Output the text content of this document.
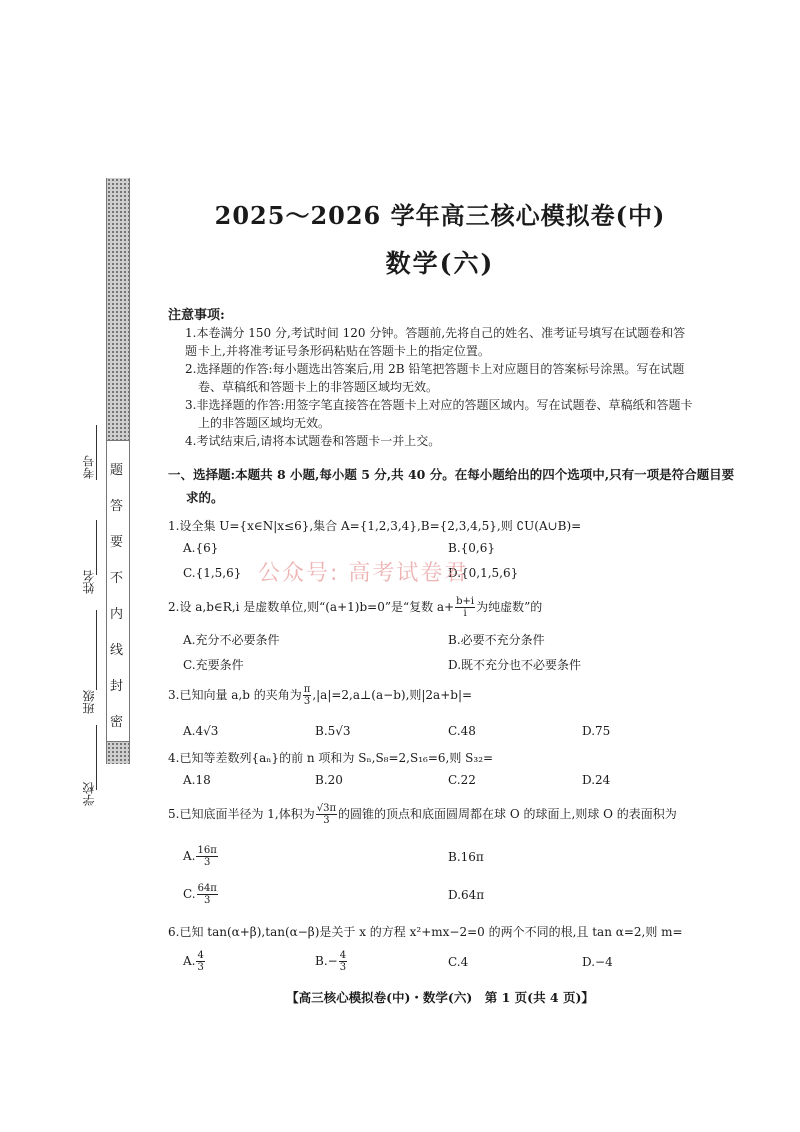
密
封
线
内
不
要
答
题
考号
姓名
班级
学校
2025～2026 学年高三核心模拟卷(中)
数学(六)
注意事项:
1.本卷满分 150 分,考试时间 120 分钟。答题前,先将自己的姓名、准考证号填写在试题卷和答题 卡上,并将准考证号条形码粘贴在答题卡上的指定位置。
2.选择题的作答:每小题选出答案后,用 2B 铅笔把答题卡上对应题目的答案标号涂黑。写在试题
卷、草稿纸和答题卡上的非答题区域均无效。
3.非选择题的作答:用签字笔直接答在答题卡上对应的答题区域内。写在试题卷、草稿纸和答题卡
上的非答题区域均无效。
4.考试结束后,请将本试题卷和答题卡一并上交。
一、选择题:本题共 8 小题,每小题 5 分,共 40 分。在每小题给出的四个选项中,只有一项是符合题目要
求的。
1.设全集 U={x∈N|x≤6},集合 A={1,2,3,4},B={2,3,4,5},则 ∁U(A∪B)=
A.{6}	B.{0,6}
C.{1,5,6}	D.{0,1,5,6}
公众号: 高考试卷君
2.设 a,b∈R,i 是虚数单位,则“(a+1)b=0”是“复数 $a+ \frac{b+i}{i}$ 为纯虚数”的
A.充分不必要条件	B.必要不充分条件
C.充要条件	D.既不充分也不必要条件
3.已知向量 a,b 的夹角为 $\frac{\pi}{3}$ ,|a|=2,a⊥(a−b),则|2a+b|=
A.4√3	B.5√3	C.48	D.75
4.已知等差数列{aₙ}的前 n 项和为 Sₙ,S₈=2,S₁₆=6,则 S₃₂=
A.18	B.20	C.22	D.24
5.已知底面半径为 1,体积为 $\frac{√3\pi}{3}$ 的圆锥的顶点和底面圆周都在球 O 的球面上,则球 O 的表面积为
A. $\frac{16\pi}{3}$	B.16π
C. $\frac{64\pi}{3}$	D.64π
6.已知 tan(α+β),tan(α−β)是关于 x 的方程 x²+mx−2=0 的两个不同的根,且 tan α=2,则 m=
A. $\frac{4}{3}$	$B.- \frac{4}{3}$	C.4	D.−4
【高三核心模拟卷(中)・数学(六)　第 1 页(共 4 页)】
